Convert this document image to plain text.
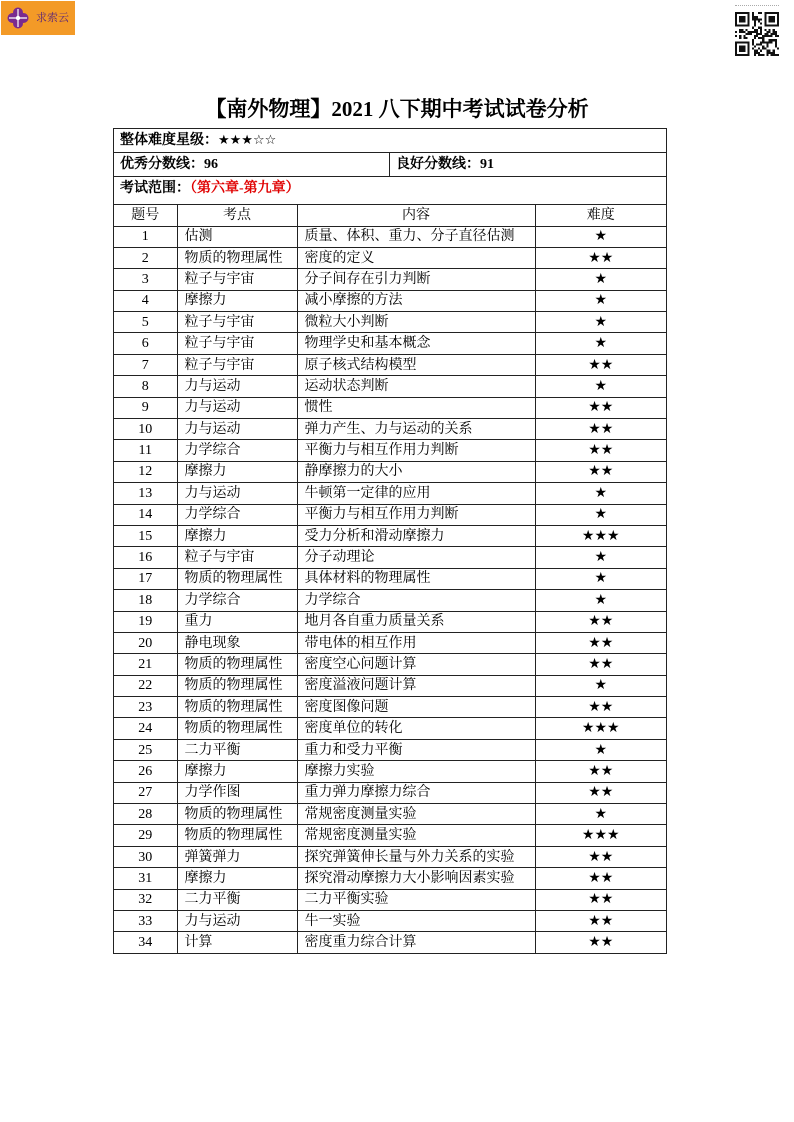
求索云
【南外物理】2021 八下期中考试试卷分析
整体难度星级：★★★☆☆
优秀分数线：96	良好分数线：91
考试范围：（第六章-第九章）
题号	考点	内容	难度
1	估测	质量、体积、重力、分子直径估测	★
2	物质的物理属性	密度的定义	★★
3	粒子与宇宙	分子间存在引力判断	★
4	摩擦力	减小摩擦的方法	★
5	粒子与宇宙	微粒大小判断	★
6	粒子与宇宙	物理学史和基本概念	★
7	粒子与宇宙	原子核式结构模型	★★
8	力与运动	运动状态判断	★
9	力与运动	惯性	★★
10	力与运动	弹力产生、力与运动的关系	★★
11	力学综合	平衡力与相互作用力判断	★★
12	摩擦力	静摩擦力的大小	★★
13	力与运动	牛顿第一定律的应用	★
14	力学综合	平衡力与相互作用力判断	★
15	摩擦力	受力分析和滑动摩擦力	★★★
16	粒子与宇宙	分子动理论	★
17	物质的物理属性	具体材料的物理属性	★
18	力学综合	力学综合	★
19	重力	地月各自重力质量关系	★★
20	静电现象	带电体的相互作用	★★
21	物质的物理属性	密度空心问题计算	★★
22	物质的物理属性	密度溢液问题计算	★
23	物质的物理属性	密度图像问题	★★
24	物质的物理属性	密度单位的转化	★★★
25	二力平衡	重力和受力平衡	★
26	摩擦力	摩擦力实验	★★
27	力学作图	重力弹力摩擦力综合	★★
28	物质的物理属性	常规密度测量实验	★
29	物质的物理属性	常规密度测量实验	★★★
30	弹簧弹力	探究弹簧伸长量与外力关系的实验	★★
31	摩擦力	探究滑动摩擦力大小影响因素实验	★★
32	二力平衡	二力平衡实验	★★
33	力与运动	牛一实验	★★
34	计算	密度重力综合计算	★★
